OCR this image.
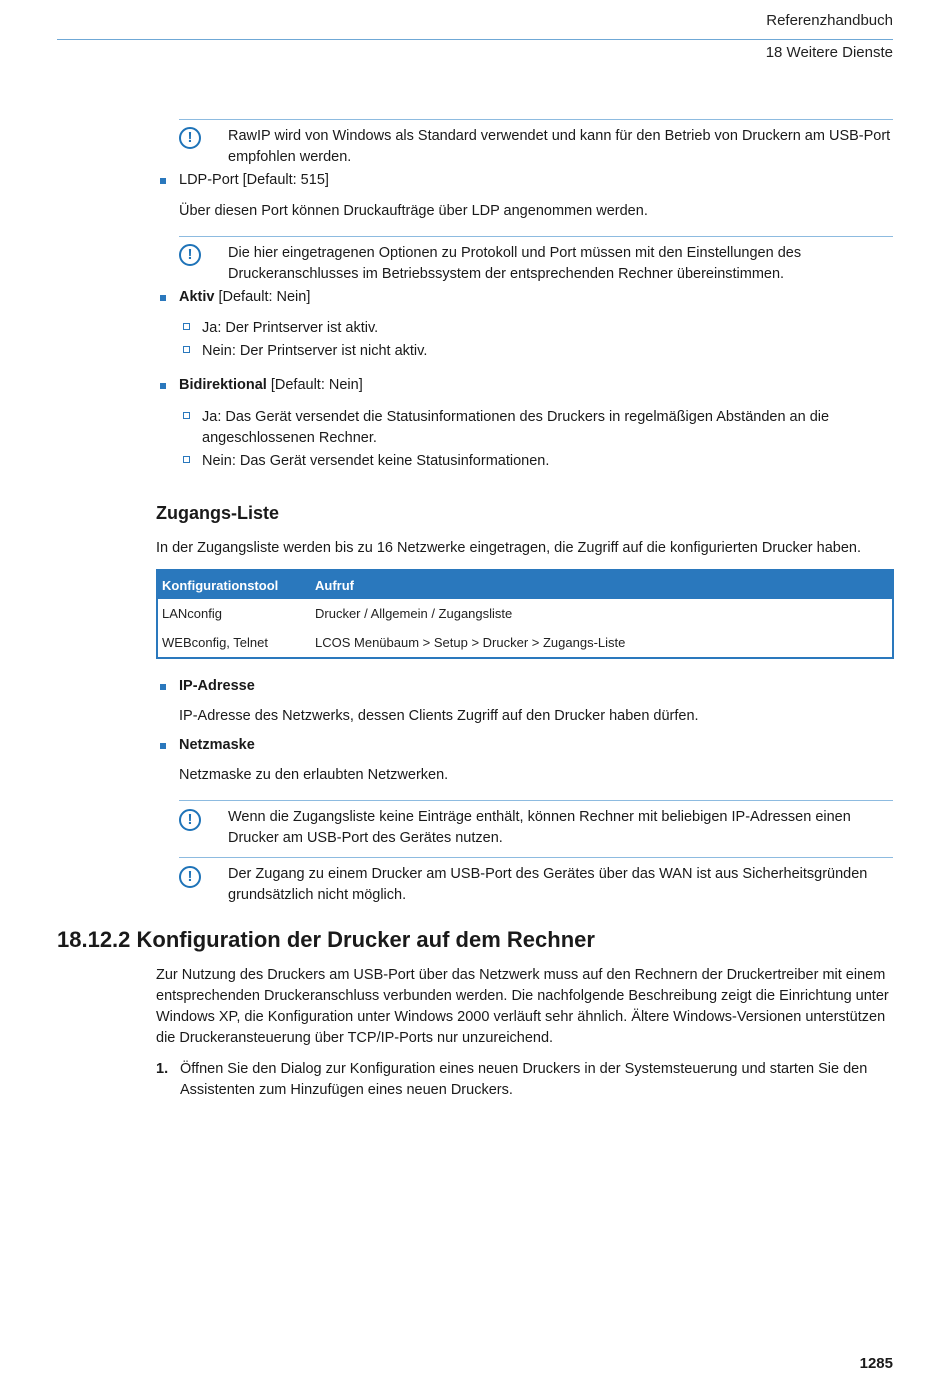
Referenzhandbuch
18 Weitere Dienste
!	RawIP wird von Windows als Standard verwendet und kann für den Betrieb von Druckern am USB-Port empfohlen werden.
LDP-Port [Default: 515]
Über diesen Port können Druckaufträge über LDP angenommen werden.
!	Die hier eingetragenen Optionen zu Protokoll und Port müssen mit den Einstellungen des Druckeranschlusses im Betriebssystem der entsprechenden Rechner übereinstimmen.
Aktiv [Default: Nein]
Ja: Der Printserver ist aktiv.
Nein: Der Printserver ist nicht aktiv.
Bidirektional [Default: Nein]
Ja: Das Gerät versendet die Statusinformationen des Druckers in regelmäßigen Abständen an die angeschlossenen Rechner.
Nein: Das Gerät versendet keine Statusinformationen.
Zugangs-Liste
In der Zugangsliste werden bis zu 16 Netzwerke eingetragen, die Zugriff auf die konfigurierten Drucker haben.
Konfigurationstool	Aufruf
LANconfig	Drucker / Allgemein / Zugangsliste
WEBconfig, Telnet	LCOS Menübaum > Setup > Drucker > Zugangs-Liste
IP-Adresse
IP-Adresse des Netzwerks, dessen Clients Zugriff auf den Drucker haben dürfen.
Netzmaske
Netzmaske zu den erlaubten Netzwerken.
!	Wenn die Zugangsliste keine Einträge enthält, können Rechner mit beliebigen IP-Adressen einen Drucker am USB-Port des Gerätes nutzen.
!	Der Zugang zu einem Drucker am USB-Port des Gerätes über das WAN ist aus Sicherheitsgründen grundsätzlich nicht möglich.
18.12.2 Konfiguration der Drucker auf dem Rechner
Zur Nutzung des Druckers am USB-Port über das Netzwerk muss auf den Rechnern der Druckertreiber mit einem entsprechenden Druckeranschluss verbunden werden. Die nachfolgende Beschreibung zeigt die Einrichtung unter Windows XP, die Konfiguration unter Windows 2000 verläuft sehr ähnlich. Ältere Windows-Versionen unterstützen die Druckeransteuerung über TCP/IP-Ports nur unzureichend.
1. Öffnen Sie den Dialog zur Konfiguration eines neuen Druckers in der Systemsteuerung und starten Sie den Assistenten zum Hinzufügen eines neuen Druckers.
1285
